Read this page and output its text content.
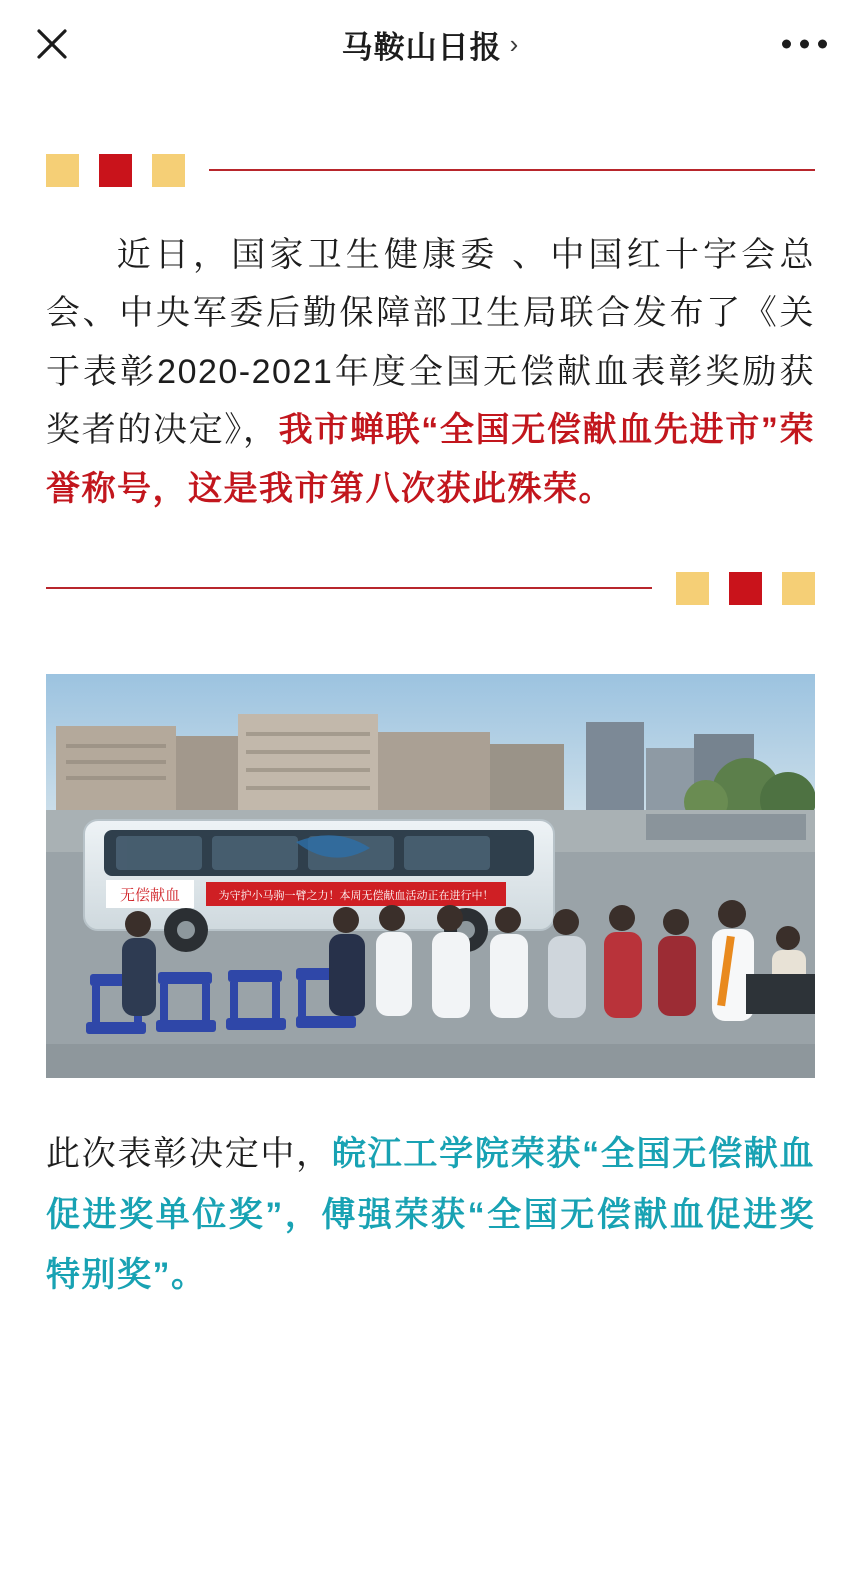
马鞍山日报 ›

近日，国家卫生健康委 、中国红十字会总会、中央军委后勤保障部卫生局联合发布了《关于表彰2020-2021年度全国无偿献血表彰奖励获奖者的决定》，我市蝉联“全国无偿献血先进市”荣誉称号，这是我市第八次获此殊荣。

无偿献血	为守护小马驹一臂之力！本周无偿献血活动正在进行中！

此次表彰决定中，皖江工学院荣获“全国无偿献血促进奖单位奖”，傅强荣获“全国无偿献血促进奖特别奖”。
